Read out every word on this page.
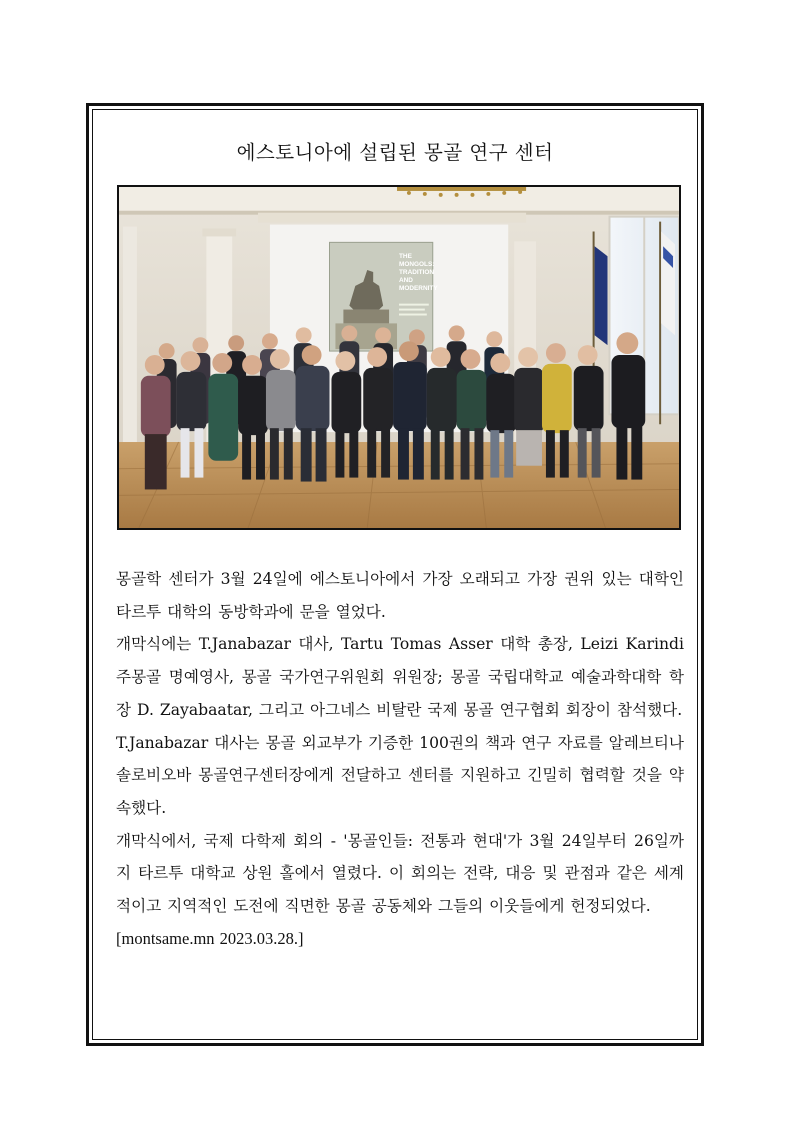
에스토니아에 설립된 몽골 연구 센터
THE MONGOLS: TRADITION AND MODERNITY

몽골학 센터가 3월 24일에 에스토니아에서 가장 오래되고 가장 권위 있는 대학인 타르투 대학의 동방학과에 문을 열었다.

개막식에는 T.Janabazar 대사, Tartu Tomas Asser 대학 총장, Leizi Karindi 주몽골 명예영사, 몽골 국가연구위원회 위원장; 몽골 국립대학교 예술과학대학 학장 D. Zayabaatar, 그리고 아그네스 비탈란 국제 몽골 연구협회 회장이 참석했다.

T.Janabazar 대사는 몽골 외교부가 기증한 100권의 책과 연구 자료를 알레브티나 솔로비오바 몽골연구센터장에게 전달하고 센터를 지원하고 긴밀히 협력할 것을 약속했다.

개막식에서, 국제 다학제 회의 - '몽골인들: 전통과 현대'가 3월 24일부터 26일까지 타르투 대학교 상원 홀에서 열렸다. 이 회의는 전략, 대응 및 관점과 같은 세계적이고 지역적인 도전에 직면한 몽골 공동체와 그들의 이웃들에게 헌정되었다.

[montsame.mn 2023.03.28.]
